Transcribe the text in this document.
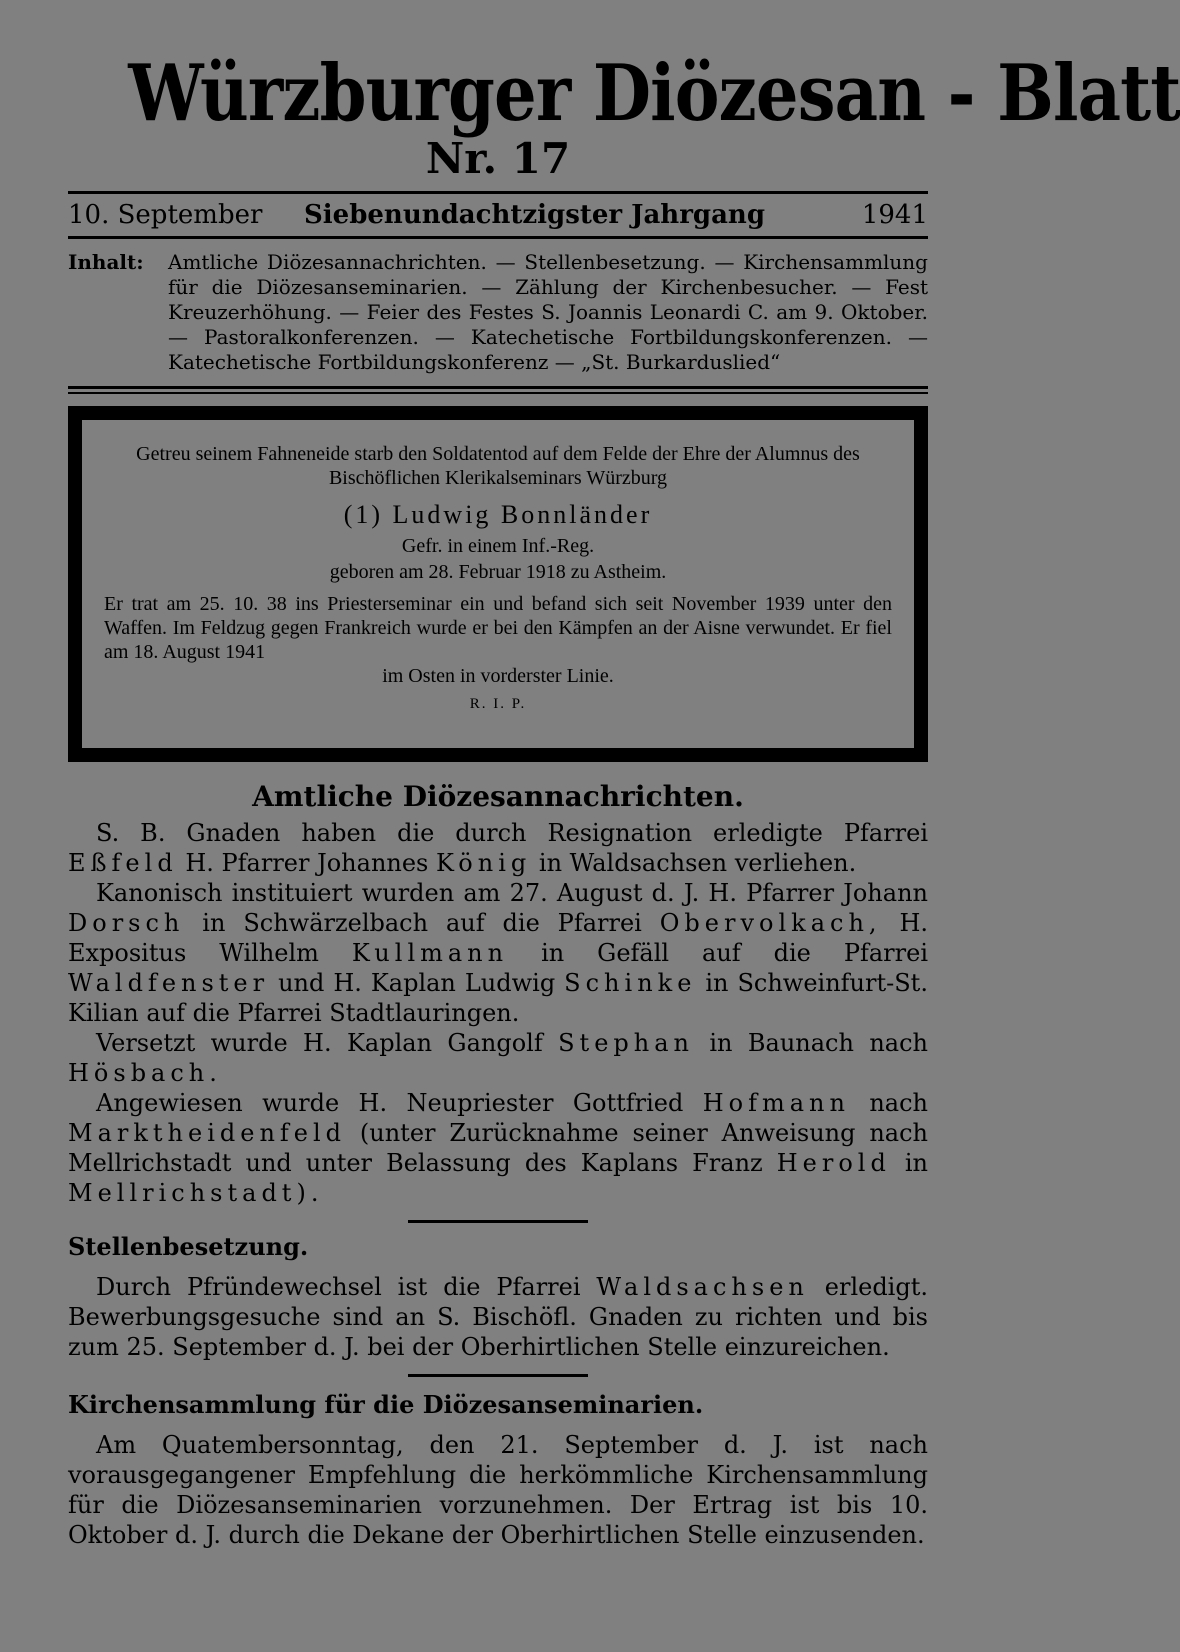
Würzburger Diözesan - Blatt
Nr. 17
10. September Siebenundachtzigster Jahrgang	1941
Inhalt: Amtliche Diözesannachrichten. — Stellenbesetzung. — Kirchensammlung für die Diözesanseminarien. — Zählung der Kirchenbesucher. — Fest Kreuzerhöhung. — Feier des Festes S. Joannis Leonardi C. am 9. Oktober. — Pastoralkonferenzen. — Katechetische Fortbildungskonferenzen. — Katechetische Fortbildungskonferenz — „St. Burkarduslied“
Getreu seinem Fahneneide starb den Soldatentod auf dem Felde der Ehre der Alumnus des Bischöflichen Klerikalseminars Würzburg
(1) Ludwig Bonnländer
Gefr. in einem Inf.-Reg.
geboren am 28. Februar 1918 zu Astheim.
Er trat am 25. 10. 38 ins Priesterseminar ein und befand sich seit November 1939 unter den Waffen. Im Feldzug gegen Frankreich wurde er bei den Kämpfen an der Aisne verwundet. Er fiel am 18. August 1941
im Osten in vorderster Linie.
R. I. P.
Amtliche Diözesannachrichten.

S. B. Gnaden haben die durch Resignation erledigte Pfarrei Eßfeld H. Pfarrer Johannes König in Waldsachsen verliehen.

Kanonisch instituiert wurden am 27. August d. J. H. Pfarrer Johann Dorsch in Schwärzelbach auf die Pfarrei Obervolkach, H. Expositus Wilhelm Kullmann in Gefäll auf die Pfarrei Waldfenster und H. Kaplan Ludwig Schinke in Schweinfurt-St. Kilian auf die Pfarrei Stadtlauringen.

Versetzt wurde H. Kaplan Gangolf Stephan in Baunach nach Hösbach.

Angewiesen wurde H. Neupriester Gottfried Hofmann nach Marktheidenfeld (unter Zurücknahme seiner Anweisung nach Mellrichstadt und unter Belassung des Kaplans Franz Herold in Mellrichstadt).

Stellenbesetzung.

Durch Pfründewechsel ist die Pfarrei Waldsachsen erledigt. Bewerbungsgesuche sind an S. Bischöfl. Gnaden zu richten und bis zum 25. September d. J. bei der Oberhirtlichen Stelle einzureichen.

Kirchensammlung für die Diözesanseminarien.

Am Quatembersonntag, den 21. September d. J. ist nach vorausgegangener Empfehlung die herkömmliche Kirchensammlung für die Diözesanseminarien vorzunehmen. Der Ertrag ist bis 10. Oktober d. J. durch die Dekane der Oberhirtlichen Stelle einzusenden.
